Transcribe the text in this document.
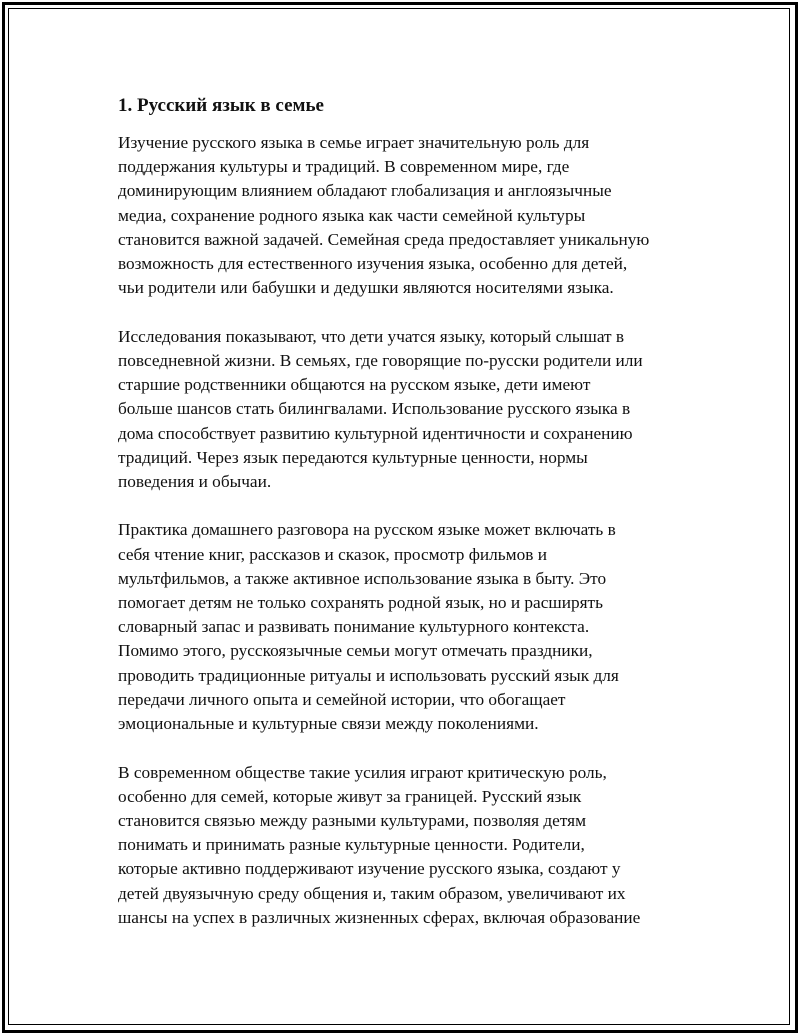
1. Русский язык в семье

Изучение русского языка в семье играет значительную роль для
поддержания культуры и традиций. В современном мире, где
доминирующим влиянием обладают глобализация и англоязычные
медиа, сохранение родного языка как части семейной культуры
становится важной задачей. Семейная среда предоставляет уникальную
возможность для естественного изучения языка, особенно для детей,
чьи родители или бабушки и дедушки являются носителями языка.

Исследования показывают, что дети учатся языку, который слышат в
повседневной жизни. В семьях, где говорящие по-русски родители или
старшие родственники общаются на русском языке, дети имеют
больше шансов стать билингвалами. Использование русского языка в
дома способствует развитию культурной идентичности и сохранению
традиций. Через язык передаются культурные ценности, нормы
поведения и обычаи.

Практика домашнего разговора на русском языке может включать в
себя чтение книг, рассказов и сказок, просмотр фильмов и
мультфильмов, а также активное использование языка в быту. Это
помогает детям не только сохранять родной язык, но и расширять
словарный запас и развивать понимание культурного контекста.
Помимо этого, русскоязычные семьи могут отмечать праздники,
проводить традиционные ритуалы и использовать русский язык для
передачи личного опыта и семейной истории, что обогащает
эмоциональные и культурные связи между поколениями.

В современном обществе такие усилия играют критическую роль,
особенно для семей, которые живут за границей. Русский язык
становится связью между разными культурами, позволяя детям
понимать и принимать разные культурные ценности. Родители,
которые активно поддерживают изучение русского языка, создают у
детей двуязычную среду общения и, таким образом, увеличивают их
шансы на успех в различных жизненных сферах, включая образование
